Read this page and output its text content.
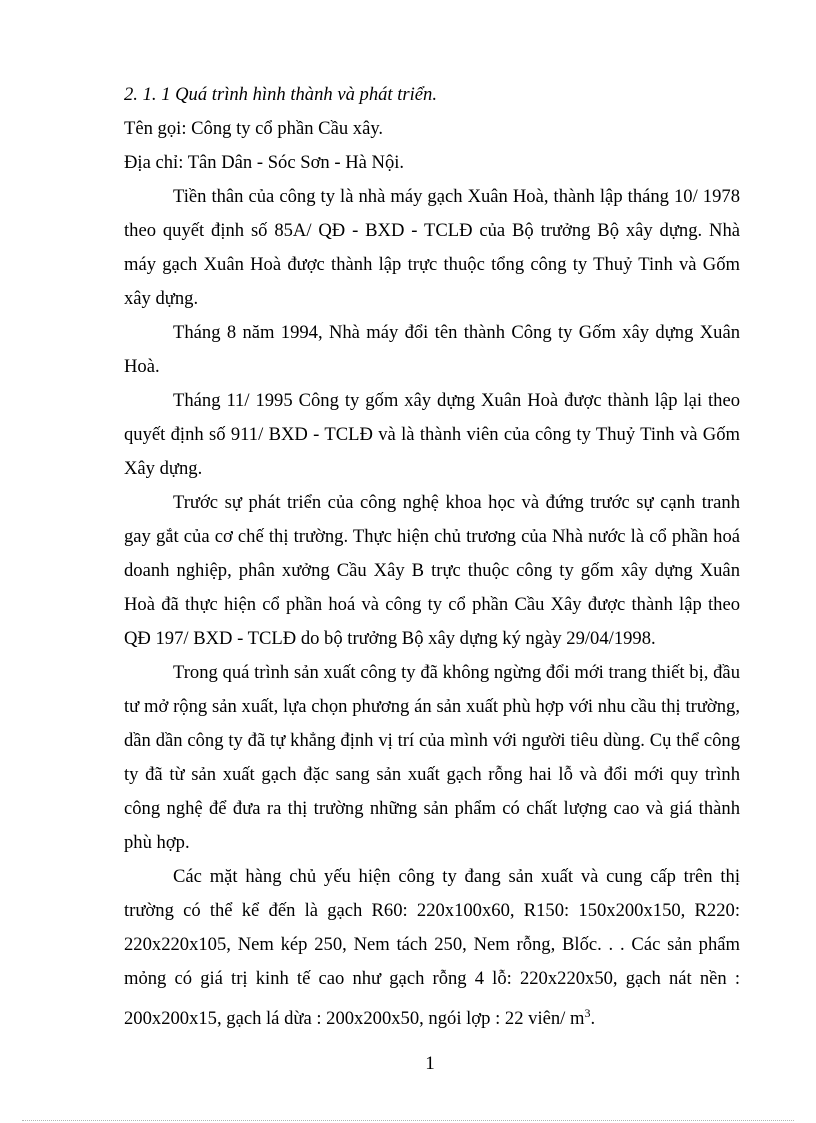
2. 1. 1 Quá trình hình thành và phát triển.

Tên gọi: Công ty cổ phần Cầu xây.

Địa chỉ: Tân Dân - Sóc Sơn - Hà Nội.

Tiền thân của công ty là nhà máy gạch Xuân Hoà, thành lập tháng 10/ 1978 theo quyết định số 85A/ QĐ - BXD - TCLĐ của Bộ trưởng Bộ xây dựng. Nhà máy gạch Xuân Hoà được thành lập trực thuộc tổng công ty Thuỷ Tinh và Gốm xây dựng.

Tháng 8 năm 1994, Nhà máy đổi tên thành Công ty Gốm xây dựng Xuân Hoà.

Tháng 11/ 1995 Công ty gốm xây dựng Xuân Hoà được thành lập lại theo quyết định số 911/ BXD - TCLĐ và là thành viên của công ty Thuỷ Tinh và Gốm Xây dựng.

Trước sự phát triển của công nghệ khoa học và đứng trước sự cạnh tranh gay gắt của cơ chế thị trường. Thực hiện chủ trương của Nhà nước là cổ phần hoá doanh nghiệp, phân xưởng Cầu Xây B trực thuộc công ty gốm xây dựng Xuân Hoà đã thực hiện cổ phần hoá và công ty cổ phần Cầu Xây được thành lập theo QĐ 197/ BXD - TCLĐ do bộ trưởng Bộ xây dựng ký ngày 29/04/1998.

Trong quá trình sản xuất công ty đã không ngừng đổi mới trang thiết bị, đầu tư mở rộng sản xuất, lựa chọn phương án sản xuất phù hợp với nhu cầu thị trường, dần dần công ty đã tự khẳng định vị trí của mình với người tiêu dùng. Cụ thể công ty đã từ sản xuất gạch đặc sang sản xuất gạch rỗng hai lỗ và đổi mới quy trình công nghệ để đưa ra thị trường những sản phẩm có chất lượng cao và giá thành phù hợp.

Các mặt hàng chủ yếu hiện công ty đang sản xuất và cung cấp trên thị trường có thể kể đến là gạch R60: 220x100x60, R150: 150x200x150, R220: 220x220x105, Nem kép 250, Nem tách 250, Nem rỗng, Blốc. . . Các sản phẩm mỏng có giá trị kinh tế cao như gạch rỗng 4 lỗ: 220x220x50, gạch nát nền : 200x200x15, gạch lá dừa : 200x200x50, ngói lợp : 22 viên/ $m^3$.

1
